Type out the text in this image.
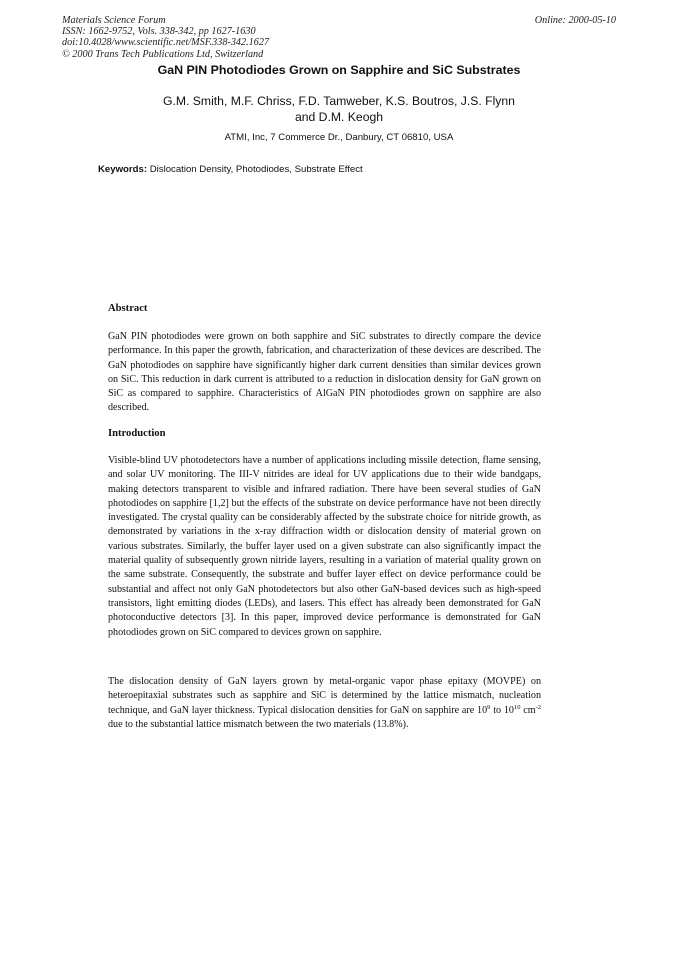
Materials Science Forum
ISSN: 1662-9752, Vols. 338-342, pp 1627-1630
doi:10.4028/www.scientific.net/MSF.338-342.1627
© 2000 Trans Tech Publications Ltd, Switzerland
Online: 2000-05-10
GaN PIN Photodiodes Grown on Sapphire and SiC Substrates
G.M. Smith, M.F. Chriss, F.D. Tamweber, K.S. Boutros, J.S. Flynn
and D.M. Keogh
ATMI, Inc, 7 Commerce Dr., Danbury, CT 06810, USA
Keywords: Dislocation Density, Photodiodes, Substrate Effect
Abstract
GaN PIN photodiodes were grown on both sapphire and SiC substrates to directly compare the device performance. In this paper the growth, fabrication, and characterization of these devices are described. The GaN photodiodes on sapphire have significantly higher dark current densities than similar devices grown on SiC. This reduction in dark current is attributed to a reduction in dislocation density for GaN grown on SiC as compared to sapphire. Characteristics of AlGaN PIN photodiodes grown on sapphire are also described.
Introduction
Visible-blind UV photodetectors have a number of applications including missile detection, flame sensing, and solar UV monitoring. The III-V nitrides are ideal for UV applications due to their wide bandgaps, making detectors transparent to visible and infrared radiation. There have been several studies of GaN photodiodes on sapphire [1,2] but the effects of the substrate on device performance have not been directly investigated. The crystal quality can be considerably affected by the substrate choice for nitride growth, as demonstrated by variations in the x-ray diffraction width or dislocation density of material grown on various substrates. Similarly, the buffer layer used on a given substrate can also significantly impact the material quality of subsequently grown nitride layers, resulting in a variation of material quality grown on the same substrate. Consequently, the substrate and buffer layer effect on device performance could be substantial and affect not only GaN photodetectors but also other GaN-based devices such as high-speed transistors, light emitting diodes (LEDs), and lasers. This effect has already been demonstrated for GaN photoconductive detectors [3]. In this paper, improved device performance is demonstrated for GaN photodiodes grown on SiC compared to devices grown on sapphire.
The dislocation density of GaN layers grown by metal-organic vapor phase epitaxy (MOVPE) on heteroepitaxial substrates such as sapphire and SiC is determined by the lattice mismatch, nucleation technique, and GaN layer thickness. Typical dislocation densities for GaN on sapphire are $10^9$ to $10^{10}$ $cm^{-2}$ due to the substantial lattice mismatch between the two materials (13.8%).
